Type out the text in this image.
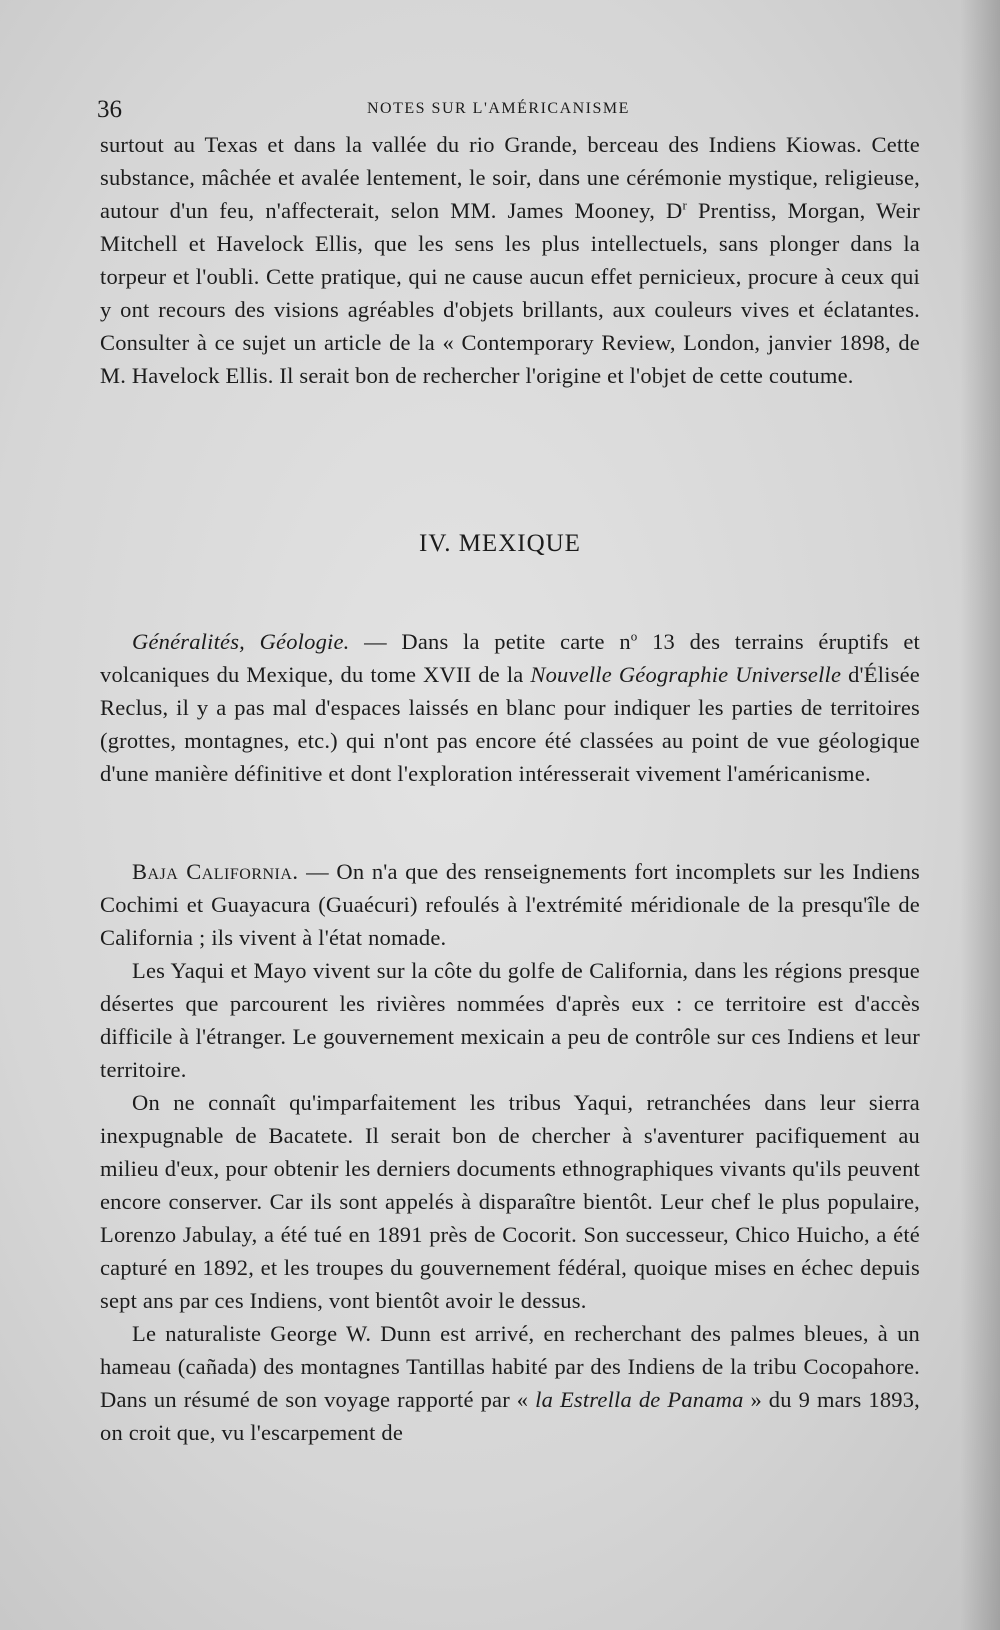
36	NOTES SUR L'AMÉRICANISME

surtout au Texas et dans la vallée du rio Grande, berceau des Indiens Kiowas. Cette substance, mâchée et avalée lentement, le soir, dans une cérémonie mystique, religieuse, autour d'un feu, n'affecterait, selon MM. James Mooney, $D^r$ Prentiss, Morgan, Weir Mitchell et Havelock Ellis, que les sens les plus intellectuels, sans plonger dans la torpeur et l'oubli. Cette pratique, qui ne cause aucun effet pernicieux, procure à ceux qui y ont recours des visions agréables d'objets brillants, aux couleurs vives et éclatantes. Consulter à ce sujet un article de la « Contemporary Review, London, janvier 1898, de M. Havelock Ellis. Il serait bon de rechercher l'origine et l'objet de cette coutume.

IV. MEXIQUE

Généralités, Géologie. — Dans la petite carte $n^o$ 13 des terrains éruptifs et volcaniques du Mexique, du tome XVII de la Nouvelle Géographie Universelle d'Élisée Reclus, il y a pas mal d'espaces laissés en blanc pour indiquer les parties de territoires (grottes, montagnes, etc.) qui n'ont pas encore été classées au point de vue géologique d'une manière définitive et dont l'exploration intéresserait vivement l'américanisme.

Baja California. — On n'a que des renseignements fort incomplets sur les Indiens Cochimi et Guayacura (Guaécuri) refoulés à l'extrémité méridionale de la presqu'île de California ; ils vivent à l'état nomade.

Les Yaqui et Mayo vivent sur la côte du golfe de California, dans les régions presque désertes que parcourent les rivières nommées d'après eux : ce territoire est d'accès difficile à l'étranger. Le gouvernement mexicain a peu de contrôle sur ces Indiens et leur territoire.

On ne connaît qu'imparfaitement les tribus Yaqui, retranchées dans leur sierra inexpugnable de Bacatete. Il serait bon de chercher à s'aventurer pacifiquement au milieu d'eux, pour obtenir les derniers documents ethnographiques vivants qu'ils peuvent encore conserver. Car ils sont appelés à disparaître bientôt. Leur chef le plus populaire, Lorenzo Jabulay, a été tué en 1891 près de Cocorit. Son successeur, Chico Huicho, a été capturé en 1892, et les troupes du gouvernement fédéral, quoique mises en échec depuis sept ans par ces Indiens, vont bientôt avoir le dessus.

Le naturaliste George W. Dunn est arrivé, en recherchant des palmes bleues, à un hameau (cañada) des montagnes Tantillas habité par des Indiens de la tribu Cocopahore. Dans un résumé de son voyage rapporté par « la Estrella de Panama » du 9 mars 1893, on croit que, vu l'escarpement de
